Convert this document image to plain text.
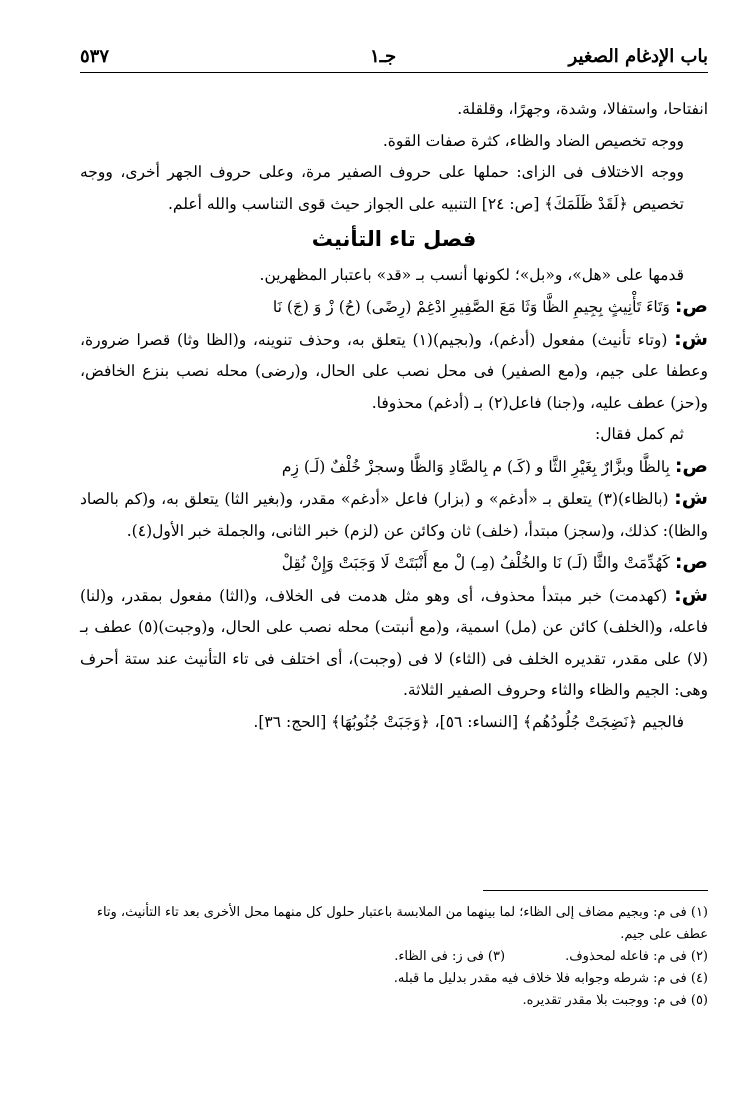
باب الإدغام الصغير
جـ١
٥٣٧

انفتاحا، واستفالا، وشدة، وجهرًا، وقلقلة.

ووجه تخصيص الضاد والظاء، كثرة صفات القوة.

ووجه الاختلاف فى الزاى: حملها على حروف الصفير مرة، وعلى حروف الجهر أخرى، ووجه تخصيص ﴿لَقَدْ ظَلَمَكَ﴾ [ص: ٢٤] التنبيه على الجواز حيث قوى التناسب والله أعلم.

فصل تاء التأنيث

قدمها على «هل»، و«بل»؛ لكونها أنسب بـ «قد» باعتبار المظهرين.

ص: وَتَاءَ تَأْنِيثٍ بِجِيمِ الظَّا وَثَا مَعَ الصَّفِيرِ ادْغِمْ (رِضًى) (حُ) زْ وَ (جَ) نَا

ش: (وتاء تأنيث) مفعول (أدغم)، و(بجيم)(١) يتعلق به، وحذف تنوينه، و(الظا وثا) قصرا ضرورة، وعطفا على جيم، و(مع الصفير) فى محل نصب على الحال، و(رضى) محله نصب بنزع الخافض، و(حز) عطف عليه، و(جنا) فاعل(٢) بـ (أدغم) محذوفا.

ثم كمل فقال:

ص: بِالظَّا وبزَّارٌ بِغَيْرِ الثَّا و (كَـ) م بِالصَّادِ وَالظَّا وسجزْ خُلْفٌ (لَـ) زِم

ش: (بالظاء)(٣) يتعلق بـ «أدغم» و (بزار) فاعل «أدغم» مقدر، و(بغير الثا) يتعلق به، و(كم بالصاد والظا): كذلك، و(سجز) مبتدأ، (خلف) ثان وكائن عن (لزم) خبر الثانى، والجملة خبر الأول(٤).

ص: كَهُدِّمَتْ والثَّا (لَـ) نَا والخُلْفُ (مِـ) لْ مع أَنْبَتَتْ لَا وَجَبَتْ وَإِنْ نُقِلْ

ش: (كهدمت) خبر مبتدأ محذوف، أى وهو مثل هدمت فى الخلاف، و(الثا) مفعول بمقدر، و(لنا) فاعله، و(الخلف) كائن عن (مل) اسمية، و(مع أنبتت) محله نصب على الحال، و(وجبت)(٥) عطف بـ (لا) على مقدر، تقديره الخلف فى (الثاء) لا فى (وجبت)، أى اختلف فى تاء التأنيث عند ستة أحرف وهى: الجيم والظاء والثاء وحروف الصفير الثلاثة.

فالجيم ﴿نَضِجَتْ جُلُودُهُم﴾ [النساء: ٥٦]، ﴿وَجَبَتْ جُنُوبُهَا﴾ [الحج: ٣٦].

(١) فى م: وبجيم مضاف إلى الظاء؛ لما بينهما من الملابسة باعتبار حلول كل منهما محل الأخرى بعد تاء التأنيث، وتاء عطف على جيم.

(٢) فى م: فاعله لمحذوف.
(٣) فى ز: فى الظاء.

(٤) فى م: شرطه وجوابه فلا خلاف فيه مقدر بدليل ما قبله.

(٥) فى م: ووجبت بلا مقدر تقديره.
